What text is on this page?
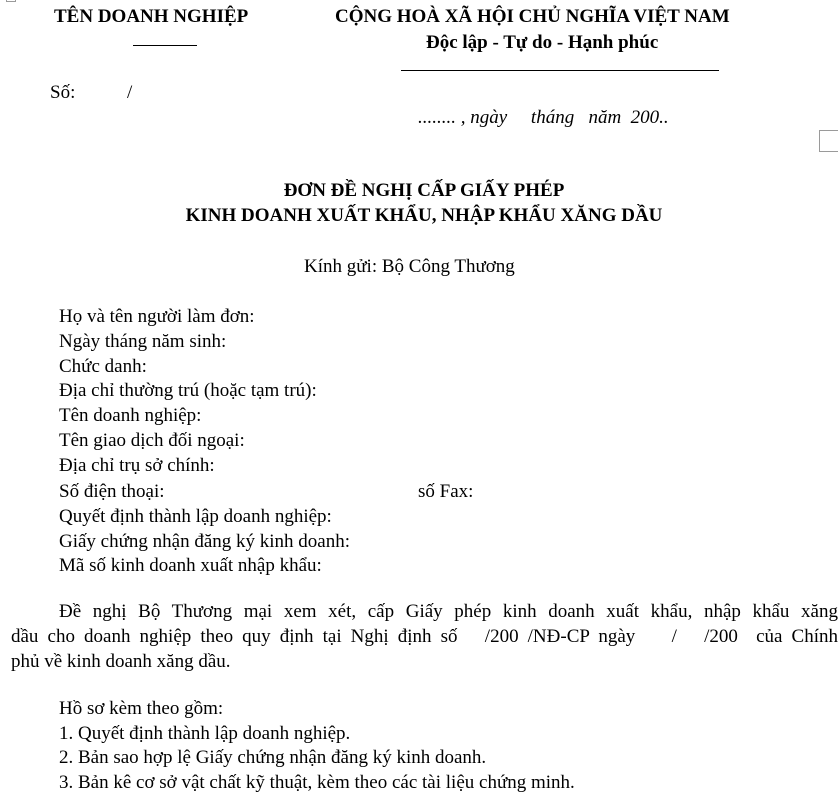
TÊN DOANH NGHIỆP	CỘNG HOÀ XÃ HỘI CHỦ NGHĨA VIỆT NAM
Độc lập - Tự do - Hạnh phúc
Số:	/
........ , ngày     tháng   năm  200..
ĐƠN ĐỀ NGHỊ CẤP GIẤY PHÉP
KINH DOANH XUẤT KHẨU, NHẬP KHẨU XĂNG DẦU
Kính gửi: Bộ Công Thương
Họ và tên người làm đơn:
Ngày tháng năm sinh:
Chức danh:
Địa chỉ thường trú (hoặc tạm trú):
Tên doanh nghiệp:
Tên giao dịch đối ngoại:
Địa chỉ trụ sở chính:
Số điện thoại:	số Fax:
Quyết định thành lập doanh nghiệp:
Giấy chứng nhận đăng ký kinh doanh:
Mã số kinh doanh xuất nhập khẩu:
Đề nghị Bộ Thương mại xem xét, cấp Giấy phép kinh doanh xuất khẩu, nhập khẩu xăng
dầu cho doanh nghiệp theo quy định tại Nghị định số   /200 /NĐ-CP ngày    /   /200  của Chính
phủ về kinh doanh xăng dầu.
Hồ sơ kèm theo gồm:
1. Quyết định thành lập doanh nghiệp.
2. Bản sao hợp lệ Giấy chứng nhận đăng ký kinh doanh.
3. Bản kê cơ sở vật chất kỹ thuật, kèm theo các tài liệu chứng minh.
